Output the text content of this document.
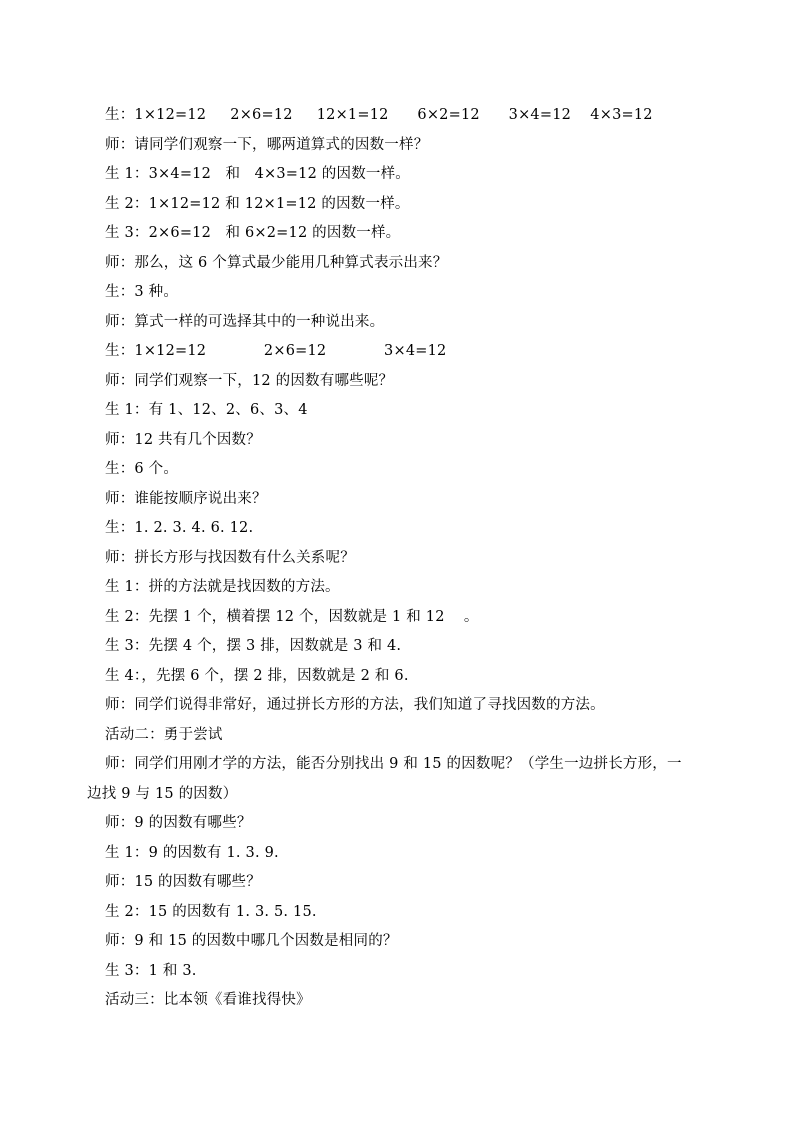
生：1×12=12     2×6=12     12×1=12      6×2=12      3×4=12    4×3=12
师：请同学们观察一下，哪两道算式的因数一样？
生 1：3×4=12   和   4×3=12 的因数一样。
生 2：1×12=12 和 12×1=12 的因数一样。
生 3：2×6=12   和 6×2=12 的因数一样。
师：那么，这 6 个算式最少能用几种算式表示出来？
生：3 种。
师：算式一样的可选择其中的一种说出来。
生：1×12=12            2×6=12            3×4=12
师：同学们观察一下，12 的因数有哪些呢？
生 1：有 1、12、2、6、3、4
师：12 共有几个因数？
生：6 个。
师：谁能按顺序说出来？
生：1. 2. 3. 4. 6. 12.
师：拼长方形与找因数有什么关系呢？
生 1：拼的方法就是找因数的方法。
生 2：先摆 1 个，横着摆 12 个，因数就是 1 和 12    。
生 3：先摆 4 个，摆 3 排，因数就是 3 和 4.
生 4：，先摆 6 个，摆 2 排，因数就是 2 和 6.
师：同学们说得非常好，通过拼长方形的方法，我们知道了寻找因数的方法。
活动二：勇于尝试
师：同学们用刚才学的方法，能否分别找出 9 和 15 的因数呢？（学生一边拼长方形，一
边找 9 与 15 的因数）
师：9 的因数有哪些？
生 1：9 的因数有 1. 3. 9.
师：15 的因数有哪些？
生 2：15 的因数有 1. 3. 5. 15.
师：9 和 15 的因数中哪几个因数是相同的？
生 3：1 和 3.
活动三：比本领《看谁找得快》
